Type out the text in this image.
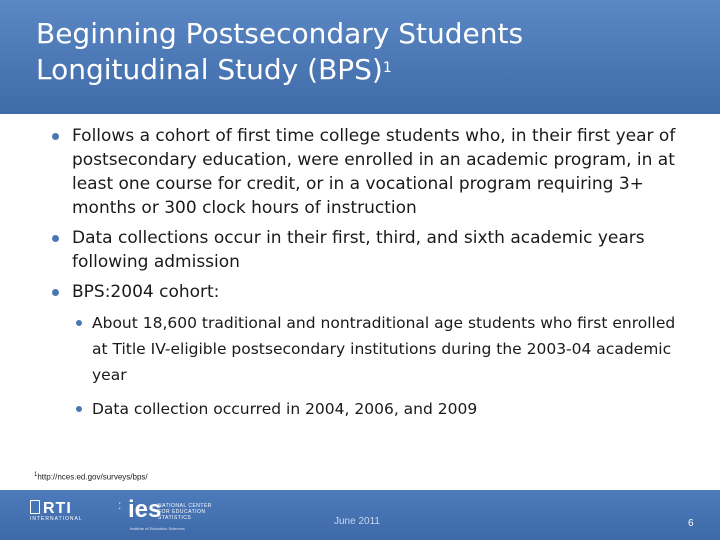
Beginning Postsecondary Students
Longitudinal Study (BPS)$^1$
Follows a cohort of first time college students who, in their first year of postsecondary education, were enrolled in an academic program, in at least one course for credit, or in a vocational program requiring 3+ months or 300 clock hours of instruction
Data collections occur in their first, third, and sixth academic years following admission
BPS:2004 cohort:
About 18,600 traditional and nontraditional age students who first enrolled at Title IV-eligible postsecondary institutions during the 2003-04 academic year
Data collection occurred in 2004, 2006, and 2009
$^1$http://nces.ed.gov/surveys/bps/
RTI
INTERNATIONAL
: ies
NATIONAL CENTER FOR EDUCATION STATISTICS
Institute of Education Sciences
June 2011	6
